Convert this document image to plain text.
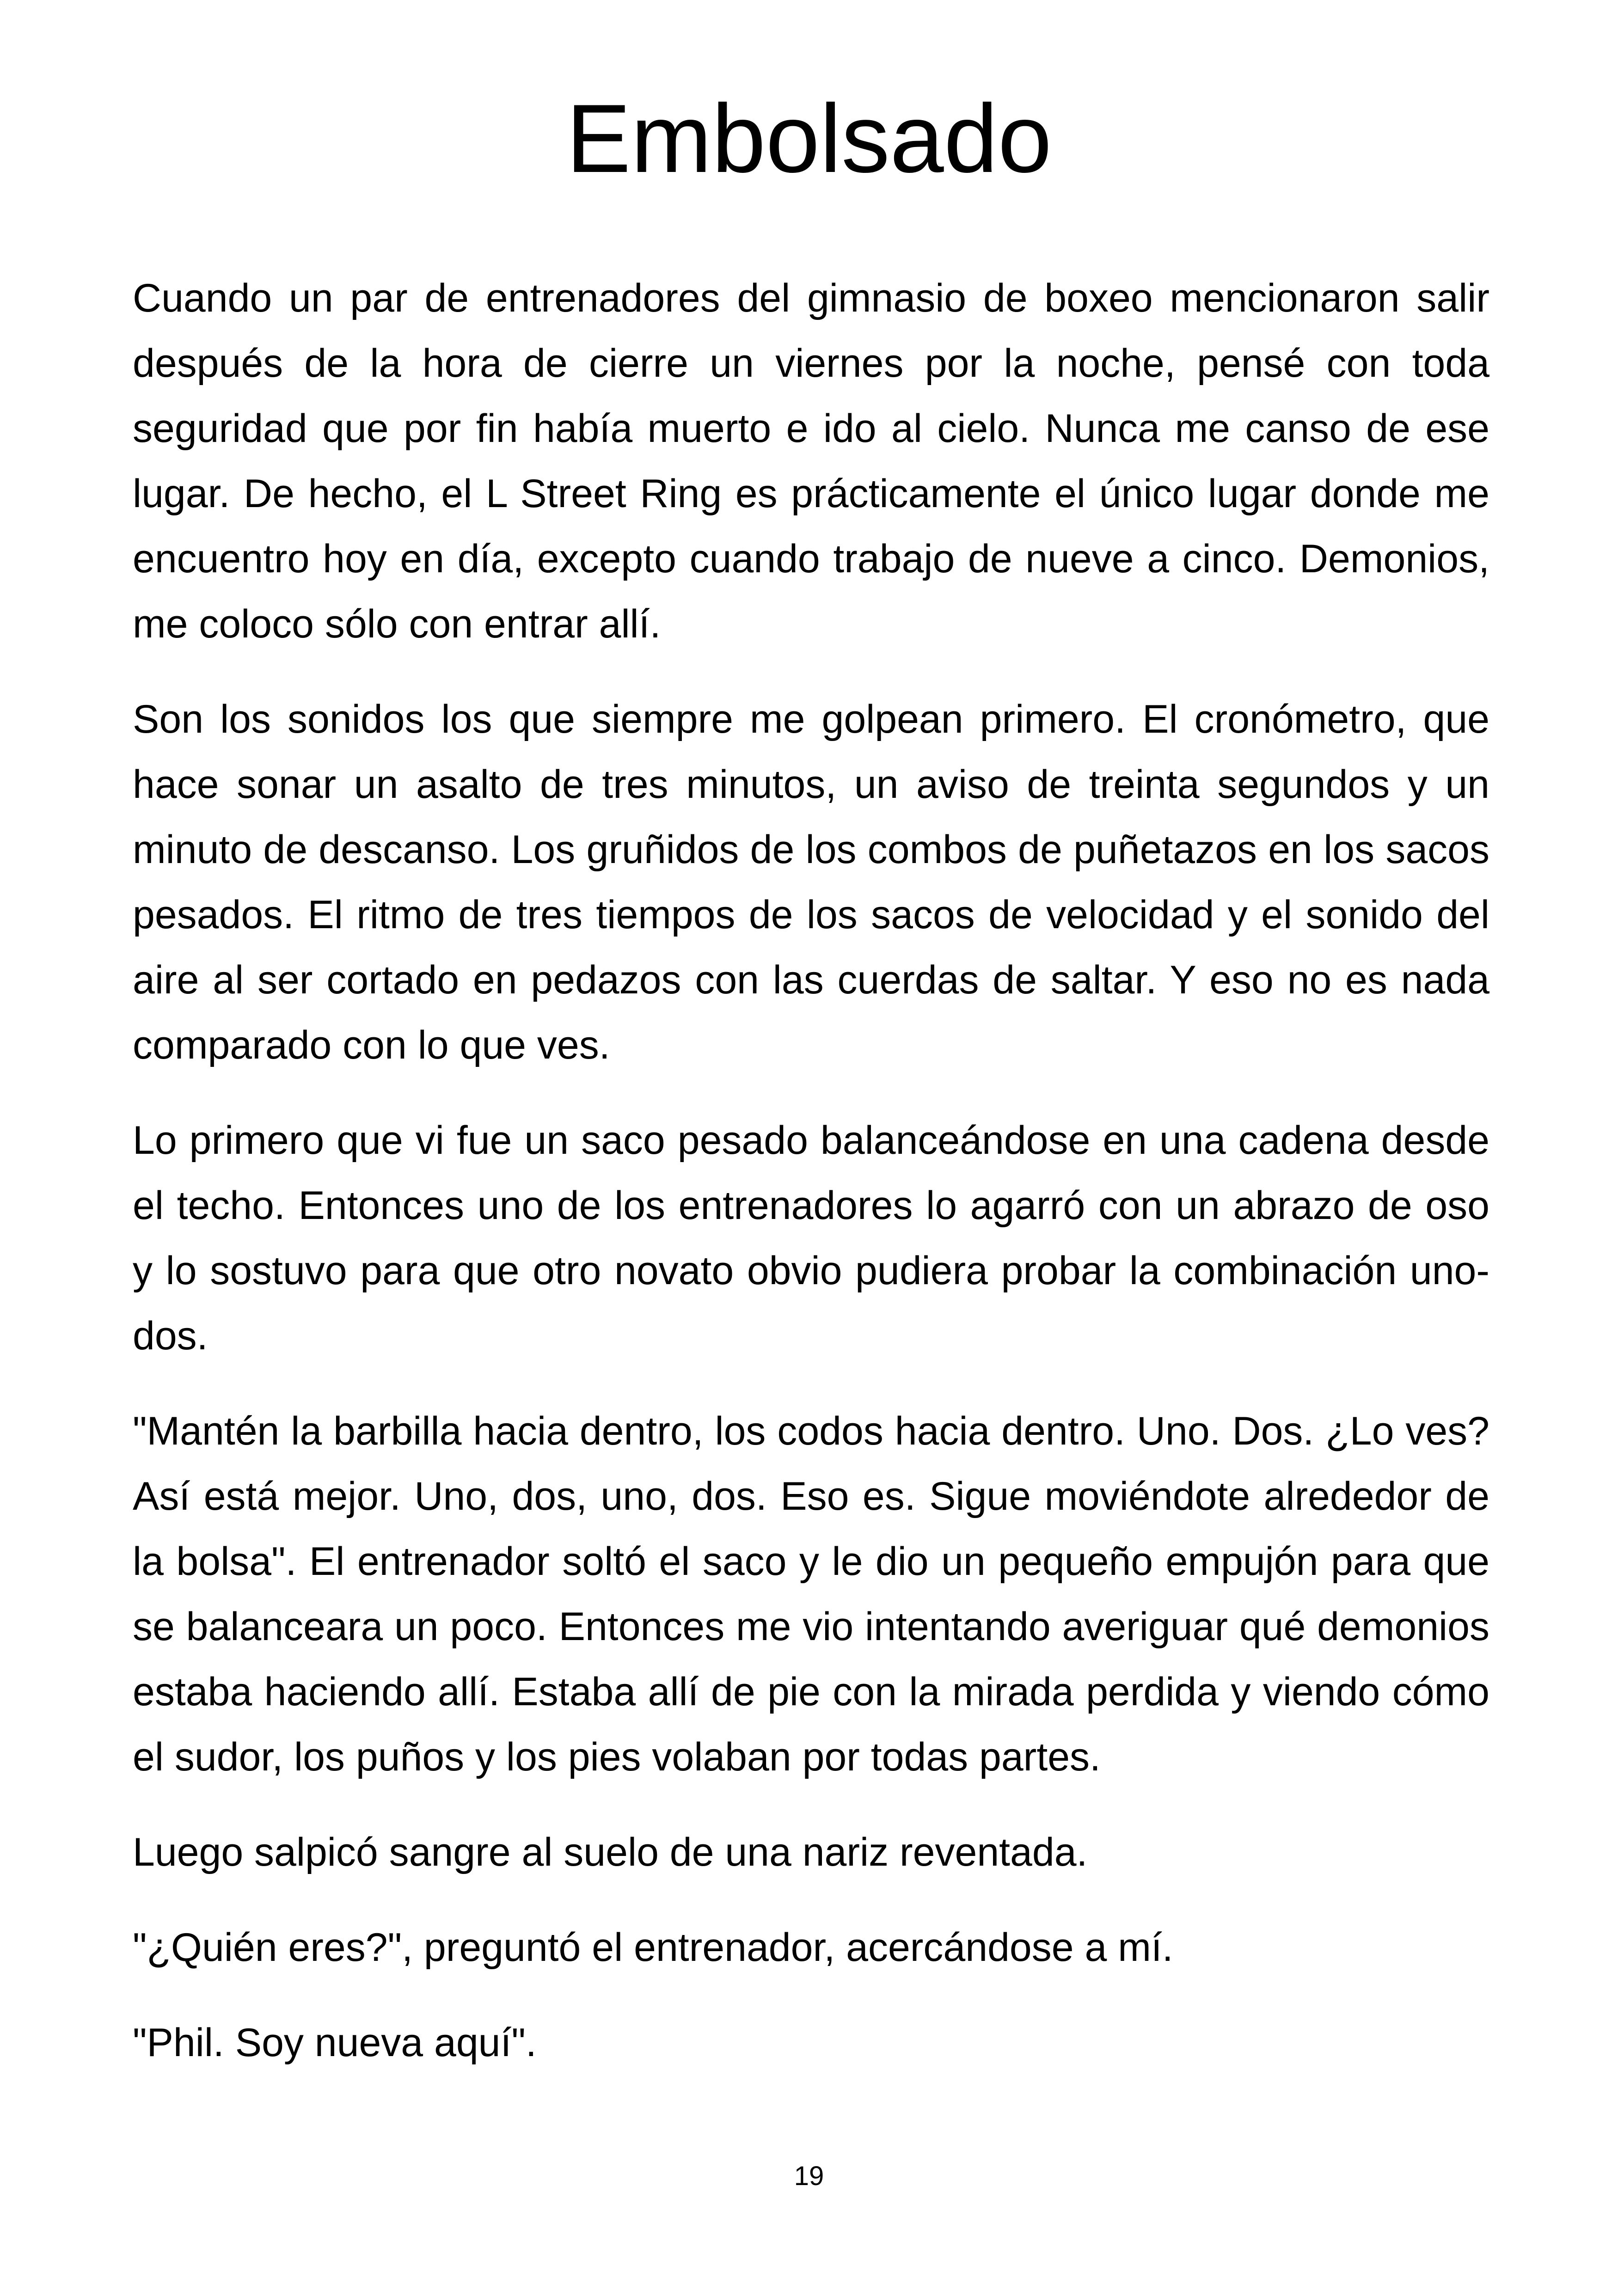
Embolsado

Cuando un par de entrenadores del gimnasio de boxeo mencionaron salir después de la hora de cierre un viernes por la noche, pensé con toda seguridad que por fin había muerto e ido al cielo. Nunca me canso de ese lugar. De hecho, el L Street Ring es prácticamente el único lugar donde me encuentro hoy en día, excepto cuando trabajo de nueve a cinco. Demonios, me coloco sólo con entrar allí.

Son los sonidos los que siempre me golpean primero. El cronómetro, que hace sonar un asalto de tres minutos, un aviso de treinta segundos y un minuto de descanso. Los gruñidos de los combos de puñetazos en los sacos pesados. El ritmo de tres tiempos de los sacos de velocidad y el sonido del aire al ser cortado en pedazos con las cuerdas de saltar. Y eso no es nada comparado con lo que ves.

Lo primero que vi fue un saco pesado balanceándose en una cadena desde el techo. Entonces uno de los entrenadores lo agarró con un abrazo de oso y lo sostuvo para que otro novato obvio pudiera probar la combinación uno-dos.

"Mantén la barbilla hacia dentro, los codos hacia dentro. Uno. Dos. ¿Lo ves? Así está mejor. Uno, dos, uno, dos. Eso es. Sigue moviéndote alrededor de la bolsa". El entrenador soltó el saco y le dio un pequeño empujón para que se balanceara un poco. Entonces me vio intentando averiguar qué demonios estaba haciendo allí. Estaba allí de pie con la mirada perdida y viendo cómo el sudor, los puños y los pies volaban por todas partes.

Luego salpicó sangre al suelo de una nariz reventada.

"¿Quién eres?", preguntó el entrenador, acercándose a mí.

"Phil. Soy nueva aquí".

19
